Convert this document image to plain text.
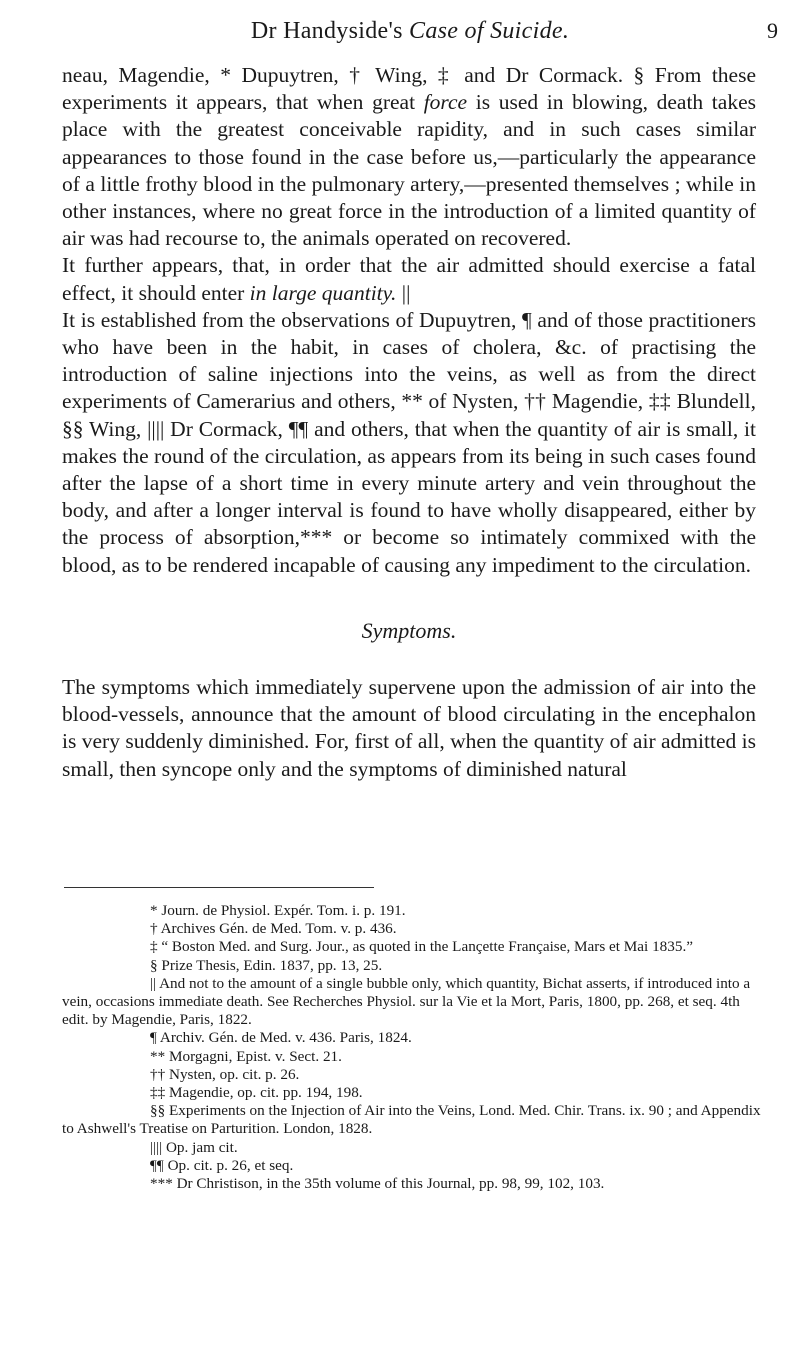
Dr Handyside's Case of Suicide.	9

neau, Magendie, * Dupuytren, † Wing, ‡ and Dr Cormack. § From these experiments it appears, that when great force is used in blowing, death takes place with the greatest conceivable rapidity, and in such cases similar appearances to those found in the case before us,—particularly the appearance of a little frothy blood in the pulmonary artery,—presented themselves ; while in other instances, where no great force in the introduction of a limited quantity of air was had recourse to, the animals operated on recovered.

It further appears, that, in order that the air admitted should exercise a fatal effect, it should enter in large quantity. ||

It is established from the observations of Dupuytren, ¶ and of those practitioners who have been in the habit, in cases of cholera, &c. of practising the introduction of saline injections into the veins, as well as from the direct experiments of Camerarius and others, ** of Nysten, †† Magendie, ‡‡ Blundell, §§ Wing, |||| Dr Cormack, ¶¶ and others, that when the quantity of air is small, it makes the round of the circulation, as appears from its being in such cases found after the lapse of a short time in every minute artery and vein throughout the body, and after a longer interval is found to have wholly disappeared, either by the process of absorption,*** or become so intimately commixed with the blood, as to be rendered incapable of causing any impediment to the circulation.

Symptoms.

The symptoms which immediately supervene upon the admission of air into the blood-vessels, announce that the amount of blood circulating in the encephalon is very suddenly diminished. For, first of all, when the quantity of air admitted is small, then syncope only and the symptoms of diminished natural

* Journ. de Physiol. Expér. Tom. i. p. 191.

† Archives Gén. de Med. Tom. v. p. 436.

‡ “ Boston Med. and Surg. Jour., as quoted in the Lançette Française, Mars et Mai 1835.”

§ Prize Thesis, Edin. 1837, pp. 13, 25.

|| And not to the amount of a single bubble only, which quantity, Bichat asserts, if introduced into a vein, occasions immediate death. See Recherches Physiol. sur la Vie et la Mort, Paris, 1800, pp. 268, et seq. 4th edit. by Magendie, Paris, 1822.

¶ Archiv. Gén. de Med. v. 436. Paris, 1824.

** Morgagni, Epist. v. Sect. 21.

†† Nysten, op. cit. p. 26.

‡‡ Magendie, op. cit. pp. 194, 198.

§§ Experiments on the Injection of Air into the Veins, Lond. Med. Chir. Trans. ix. 90 ; and Appendix to Ashwell's Treatise on Parturition. London, 1828.

|||| Op. jam cit.

¶¶ Op. cit. p. 26, et seq.

*** Dr Christison, in the 35th volume of this Journal, pp. 98, 99, 102, 103.
